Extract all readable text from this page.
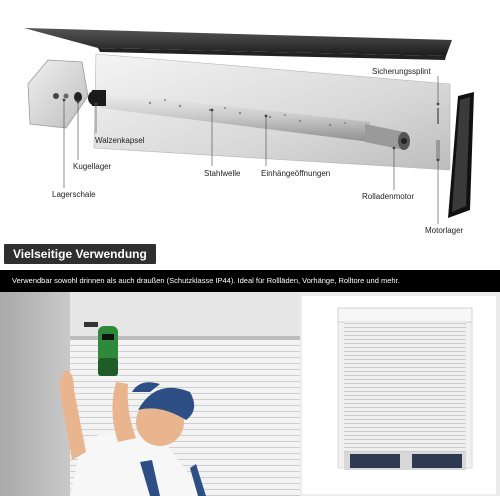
Sicherungssplint
Walzenkapsel
Kugellager
Lagerschale
Stahlwelle	Einhängeöffnungen
Rolladenmotor
Motorlager
Vielseitige Verwendung
Verwendbar sowohl drinnen als auch draußen (Schutzklasse IP44). Ideal für Rollläden, Vorhänge, Rolltore und mehr.
